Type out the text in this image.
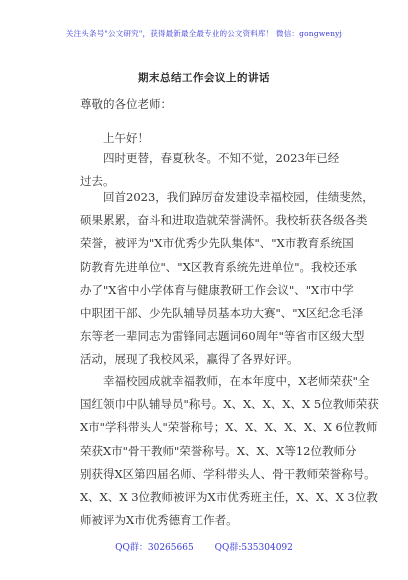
关注头条号"公文研究"，获得最新最全最专业的公文资料库！ 微信：gongwenyj
期末总结工作会议上的讲话
尊敬的各位老师：
上午好！
四时更替，春夏秋冬。不知不觉，2023年已经过去。
回首2023，我们踔厉奋发建设幸福校园，佳绩斐然，
硕果累累，奋斗和进取造就荣誉满怀。我校斩获各级各类
荣誉，被评为"X市优秀少先队集体"、"X市教育系统国
防教育先进单位"、"X区教育系统先进单位"。我校还承
办了"X省中小学体育与健康教研工作会议"、"X市中学
中职团干部、少先队辅导员基本功大赛"、"X区纪念毛泽
东等老一辈同志为雷锋同志题词60周年"等省市区级大型
活动，展现了我校风采，赢得了各界好评。
幸福校园成就幸福教师，在本年度中，X老师荣获"全
国红领巾中队辅导员"称号。X、X、X、X、X 5位教师荣获
X市"学科带头人"荣誉称号；X、X、X、X、X、X 6位教师
荣获X市"骨干教师"荣誉称号。X、X、X等12位教师分
别获得X区第四届名师、学科带头人、骨干教师荣誉称号。
X、X、X 3位教师被评为X市优秀班主任，X、X、X 3位教
师被评为X市优秀德育工作者。
QQ群：30265665 QQ群:535304092
